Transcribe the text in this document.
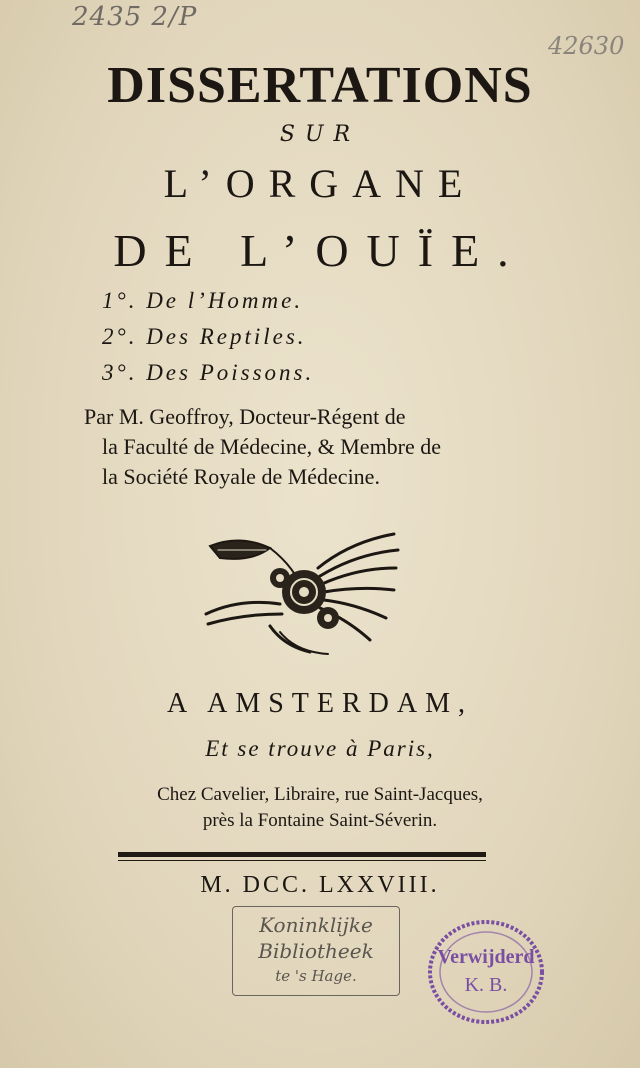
2435 2/P
42630
DISSERTATIONS
SUR
L’ORGANE
DE L’OUÏE.
1°. De l’Homme.
2°. Des Reptiles.
3°. Des Poissons.
Par M. Geoffroy, Docteur-Régent de
la Faculté de Médecine, & Membre de
la Société Royale de Médecine.
A AMSTERDAM,
Et se trouve à Paris,
Chez Cavelier, Libraire, rue Saint-Jacques,
près la Fontaine Saint-Séverin.
M. DCC. LXXVIII.
Koninklijke
Bibliotheek
te 's Hage.
Verwijderd
K. B.
